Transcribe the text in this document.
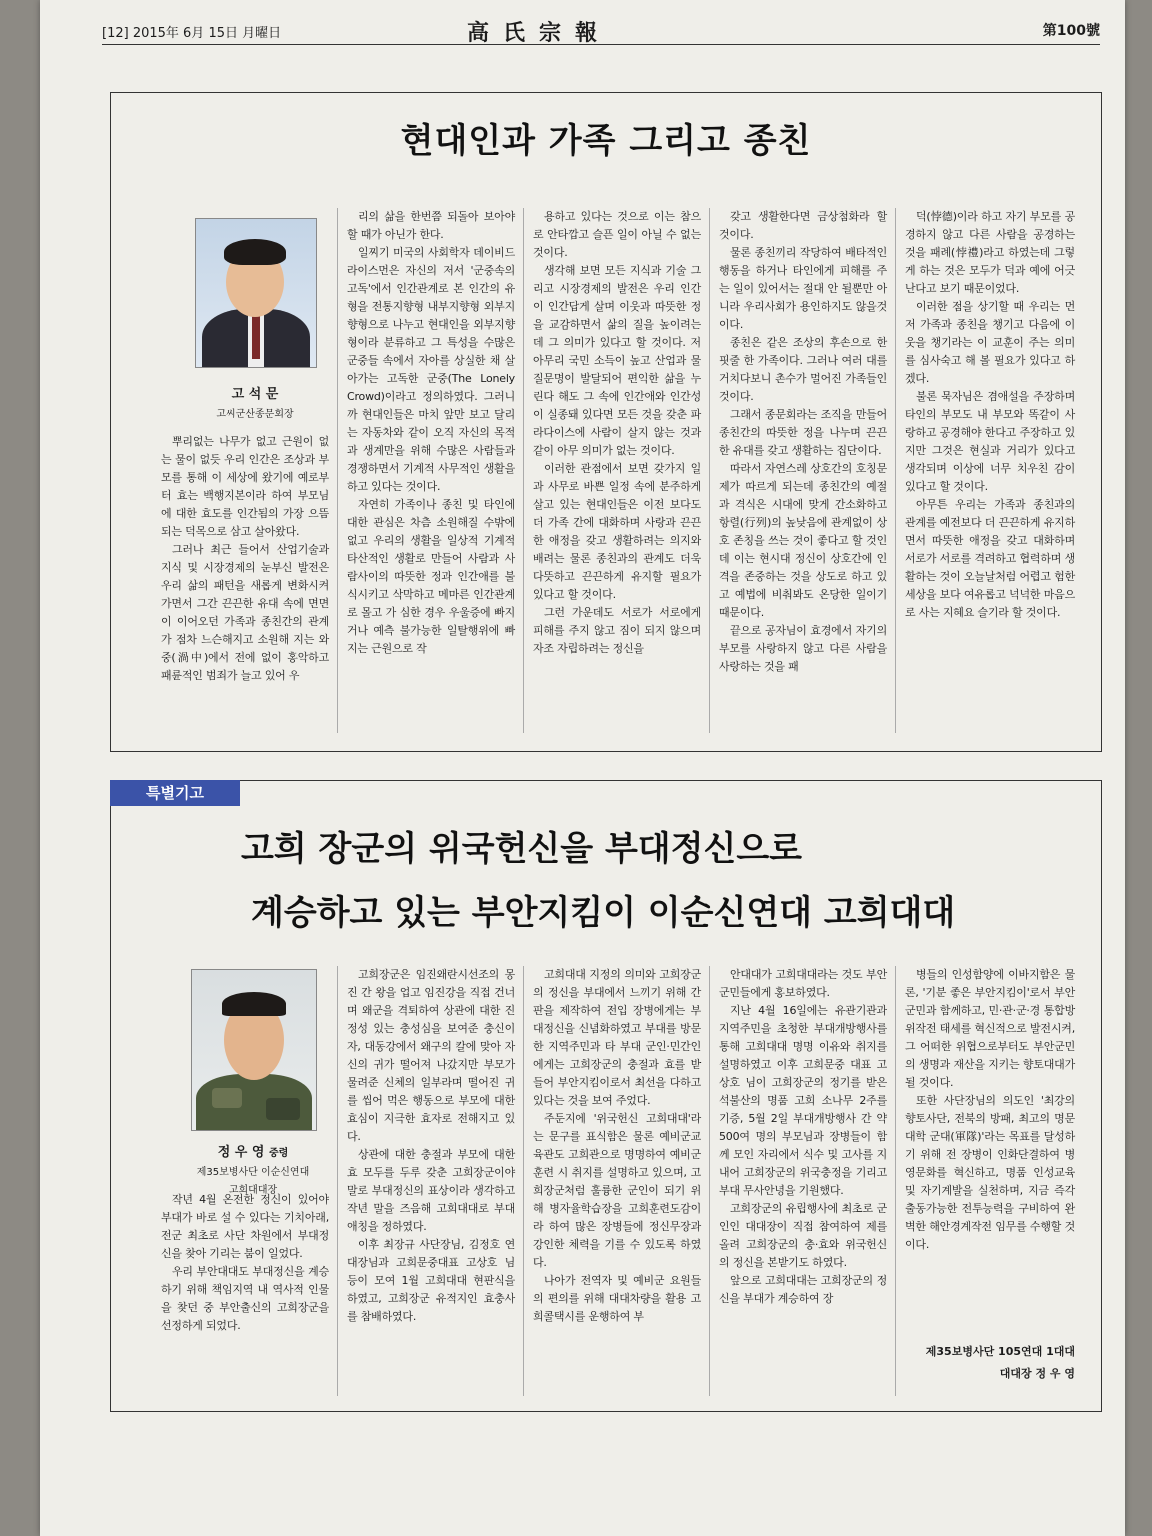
[12] 2015年 6月 15日 月曜日	高氏宗報	第100號
현대인과 가족 그리고 종친
고 석 문
고씨군산종문회장

뿌리없는 나무가 없고 근원이 없는 물이 없듯 우리 인간은 조상과 부모를 통해 이 세상에 왔기에 예로부터 효는 백행지본이라 하여 부모님에 대한 효도를 인간됨의 가장 으뜸되는 덕목으로 삼고 살아왔다.

그러나 최근 들어서 산업기술과 지식 및 시장경제의 눈부신 발전은 우리 삶의 패턴을 새롭게 변화시켜 가면서 그간 끈끈한 유대 속에 면면이 이어오던 가족과 종친간의 관계가 점차 느슨해지고 소원해 지는 와중(渦中)에서 전에 없이 홍악하고 패륜적인 범죄가 늘고 있어 우

리의 삶을 한번쯤 되돌아 보아야 할 때가 아닌가 한다.

일찌기 미국의 사회학자 데이비드 라이스먼은 자신의 저서 '군중속의 고독'에서 인간관계로 본 인간의 유형을 전통지향형 내부지향형 외부지향형으로 나누고 현대인을 외부지향형이라 분류하고 그 특성을 수많은 군중들 속에서 자아를 상실한 채 살아가는 고독한 군중(The Lonely Crowd)이라고 정의하였다. 그러니까 현대인들은 마치 앞만 보고 달리는 자동차와 같이 오직 자신의 목적과 생계만을 위해 수많은 사람들과 경쟁하면서 기계적 사무적인 생활을 하고 있다는 것이다.

자연히 가족이나 종친 및 타인에 대한 관심은 차츰 소원해질 수밖에 없고 우리의 생활을 일상적 기계적 타산적인 생활로 만들어 사람과 사람사이의 따뜻한 정과 인간애를 불식시키고 삭막하고 메마른 인간관계로 몰고 가 심한 경우 우울증에 빠지거나 예측 불가능한 일탈행위에 빠지는 근원으로 작

용하고 있다는 것으로 이는 참으로 안타깝고 슬픈 일이 아닐 수 없는 것이다.

생각해 보면 모든 지식과 기술 그리고 시장경제의 발전은 우리 인간이 인간답게 살며 이웃과 따뜻한 정을 교감하면서 삶의 질을 높이려는 데 그 의미가 있다고 할 것이다. 저 아무리 국민 소득이 높고 산업과 물질문명이 발달되어 편익한 삶을 누린다 해도 그 속에 인간애와 인간성이 실종돼 있다면 모든 것을 갖춘 파라다이스에 사람이 살지 않는 것과 같이 아무 의미가 없는 것이다.

이러한 관점에서 보면 갖가지 일과 사무로 바쁜 일정 속에 분주하게 살고 있는 현대인들은 이전 보다도 더 가족 간에 대화하며 사랑과 끈끈한 애정을 갖고 생활하려는 의지와 배려는 물론 종친과의 관계도 더욱 다뜻하고 끈끈하게 유지할 필요가 있다고 할 것이다.

그런 가운데도 서로가 서로에게 피해를 주지 않고 짐이 되지 않으며 자조 자립하려는 정신을

갖고 생활한다면 금상첨화라 할 것이다.

물론 종친끼리 작당하여 배타적인 행동을 하거나 타인에게 피해를 주는 일이 있어서는 절대 안 될뿐만 아니라 우리사회가 용인하지도 않을것이다.

종친은 같은 조상의 후손으로 한 핏줄 한 가족이다. 그러나 여러 대를 거치다보니 촌수가 멀어진 가족들인것이다.

그래서 종문회라는 조직을 만들어 종친간의 따뜻한 정을 나누며 끈끈한 유대를 갖고 생활하는 집단이다.

따라서 자연스레 상호간의 호칭문제가 따르게 되는데 종친간의 예절과 격식은 시대에 맞게 간소화하고 항렬(行列)의 높낮음에 관계없이 상호 존칭을 쓰는 것이 좋다고 할 것인데 이는 현시대 정신이 상호간에 인격을 존중하는 것을 상도로 하고 있고 예법에 비춰봐도 온당한 일이기 때문이다.

끝으로 공자님이 효경에서 자기의 부모를 사랑하지 않고 다른 사람을 사랑하는 것을 패

덕(悖德)이라 하고 자기 부모를 공경하지 않고 다른 사람을 공경하는 것을 패례(悖禮)라고 하였는데 그렇게 하는 것은 모두가 덕과 예에 어긋난다고 보기 때문이었다.

이러한 점을 상기할 때 우리는 먼저 가족과 종친을 챙기고 다음에 이웃을 챙기라는 이 교훈이 주는 의미를 심사숙고 해 볼 필요가 있다고 하겠다.

불론 묵자님은 겸애설을 주장하며 타인의 부모도 내 부모와 똑같이 사랑하고 공경해야 한다고 주장하고 있지만 그것은 현실과 거리가 있다고 생각되며 이상에 너무 치우친 감이 있다고 할 것이다.

아무튼 우리는 가족과 종친과의 관계를 예전보다 더 끈끈하게 유지하면서 따뜻한 애정을 갖고 대화하며 서로가 서로를 격려하고 협력하며 생활하는 것이 오늘날처럼 어렵고 험한 세상을 보다 여유롭고 넉넉한 마음으로 사는 지혜요 슬기라 할 것이다.

고희 장군의 위국헌신을 부대정신으로
계승하고 있는 부안지킴이 이순신연대 고희대대
정 우 영 중령
제35보병사단 이순신연대
고희대대장

작년 4월 온전한 정신이 있어야 부대가 바로 설 수 있다는 기치아래, 전군 최초로 사단 차원에서 부대정신을 찾아 기리는 붐이 일었다.

우리 부안대대도 부대정신을 계승하기 위해 책임지역 내 역사적 인물을 찾던 중 부안출신의 고희장군을 선정하게 되었다.

고희장군은 임진왜란시선조의 몽진 간 왕을 업고 임진강을 직접 건너며 왜군을 격퇴하여 상관에 대한 진정성 있는 충성심을 보여준 충신이자, 대동강에서 왜구의 칼에 맞아 자신의 귀가 떨어져 나갔지만 부모가 물려준 신체의 일부라며 떨어진 귀를 씹어 먹은 행동으로 부모에 대한 효심이 지극한 효자로 전해지고 있다.

상관에 대한 충절과 부모에 대한 효 모두를 두루 갖춘 고희장군이야 말로 부대정신의 표상이라 생각하고 작년 말을 즈음해 고희대대로 부대 애칭을 정하였다.

이후 최장규 사단장님, 김정호 연대장님과 고희문중대표 고상호 님 등이 모여 1월 고희대대 현판식을 하였고, 고희장군 유적지인 효충사를 참배하였다.

고희대대 지정의 의미와 고희장군의 정신을 부대에서 느끼기 위해 간판을 제작하여 전입 장병에게는 부대정신을 신념화하였고 부대를 방문한 지역주민과 타 부대 군인·민간인에게는 고희장군의 충절과 효를 받들어 부안지킴이로서 최선을 다하고 있다는 것을 보여 주었다.

주둔지에 '위국헌신 고희대대'라는 문구를 표식함은 물론 예비군교육관도 고희관으로 명명하여 예비군 훈련 시 취지를 설명하고 있으며, 고희장군처럼 훌륭한 군인이 되기 위해 병자율학습장을 고희훈련도감이라 하여 많은 장병들에 정신무장과 강인한 체력을 기를 수 있도록 하였다.

나아가 전역자 및 예비군 요원들의 편의를 위해 대대차량을 활용 고희콜택시를 운행하여 부

안대대가 고희대대라는 것도 부안군민들에게 홍보하였다.

지난 4월 16일에는 유관기관과 지역주민을 초청한 부대개방행사를 통해 고희대대 명명 이유와 취지를 설명하였고 이후 고희문중 대표 고상호 님이 고희장군의 정기를 받은 석불산의 명품 고희 소나무 2주를 기증, 5월 2일 부대개방행사 간 약 500여 명의 부모님과 장병들이 함께 모인 자리에서 식수 및 고사를 지내어 고희장군의 위국충정을 기리고 부대 무사안녕을 기원했다.

고희장군의 유립행사에 최초로 군인인 대대장이 직접 참여하여 제를 올려 고희장군의 충·효와 위국헌신의 정신을 본받기도 하였다.

앞으로 고희대대는 고희장군의 정신을 부대가 계승하여 장

병들의 인성함양에 이바지함은 물론, '기분 좋은 부안지킴이'로서 부안군민과 함께하고, 민·관·군·경 통합방위작전 태세를 혁신적으로 발전시켜, 그 어떠한 위협으로부터도 부안군민의 생명과 재산을 지키는 향토대대가 될 것이다.

또한 사단장님의 의도인 '최강의 향토사단, 전북의 방패, 최고의 명문대학 군대(軍隊)'라는 목표를 달성하기 위해 전 장병이 인화단결하여 병영문화를 혁신하고, 명품 인성교육 및 자기계발을 실천하며, 지금 즉각 출동가능한 전투능력을 구비하여 완벽한 해안경계작전 임무를 수행할 것이다.

제35보병사단 105연대 1대대
대대장 정 우 영
특별기고
